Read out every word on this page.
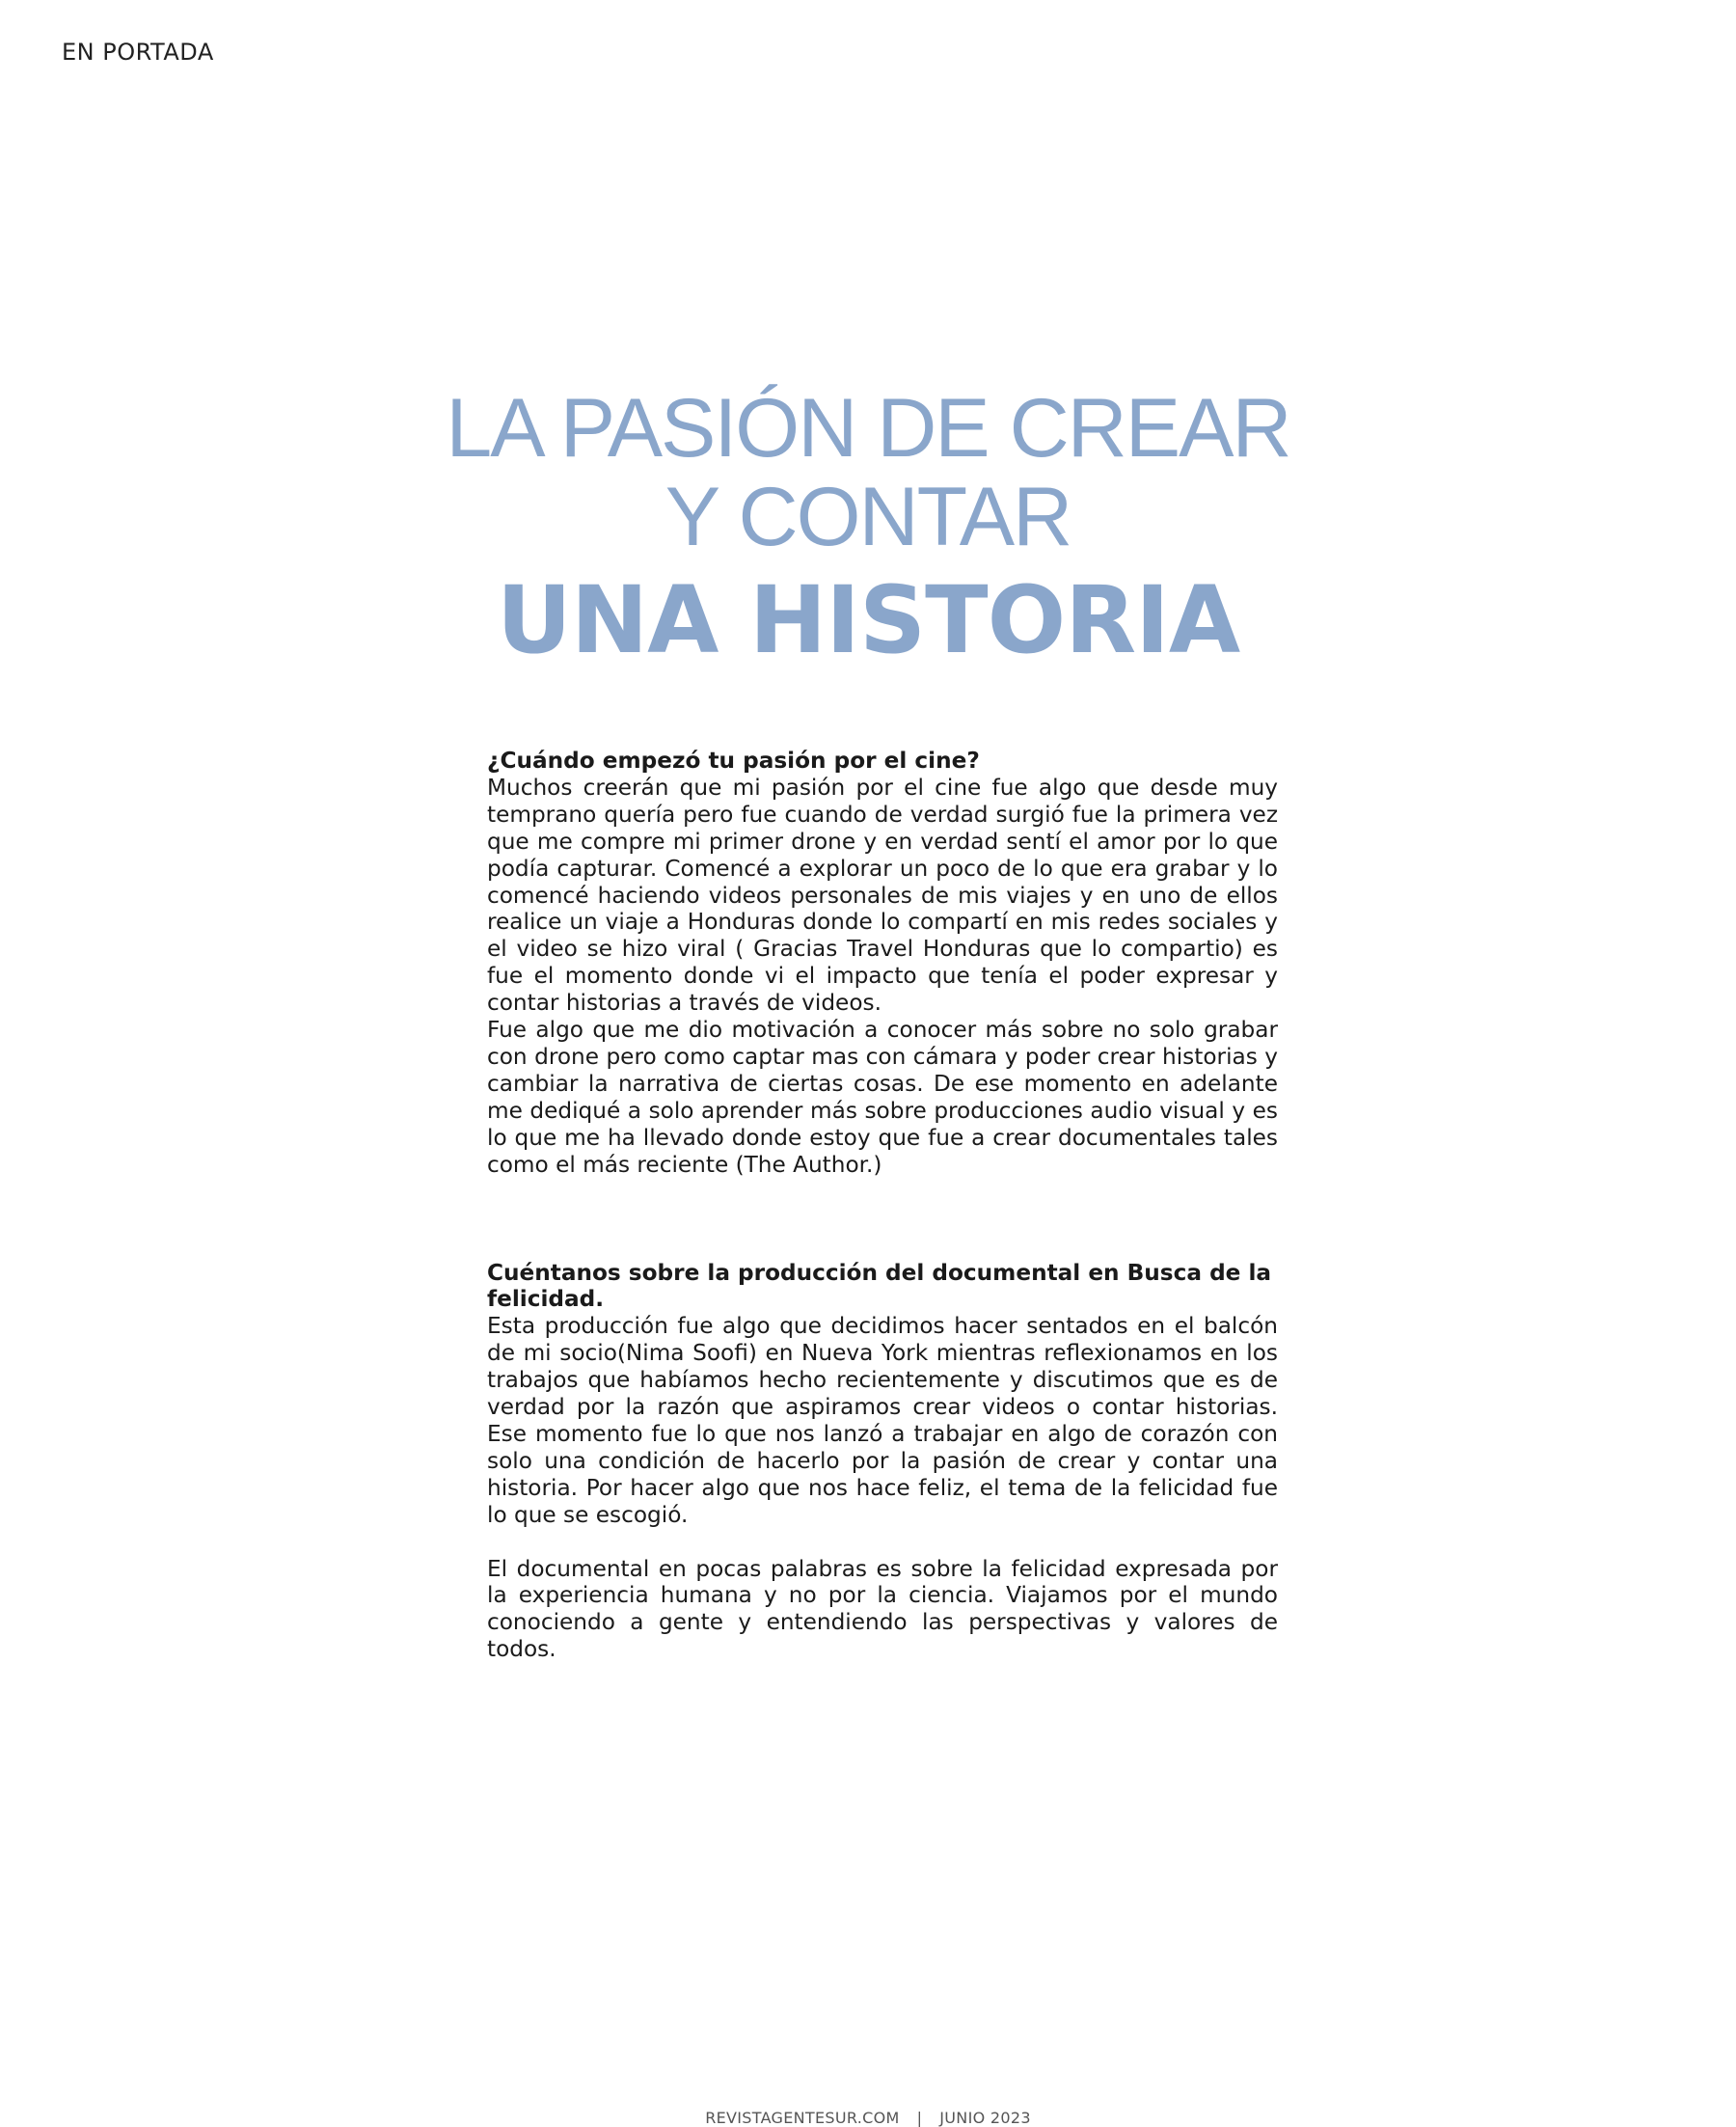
EN PORTADA
LA PASIÓN DE CREAR
Y CONTAR
UNA HISTORIA

¿Cuándo empezó tu pasión por el cine?

Muchos creerán que mi pasión por el cine fue algo que desde muy temprano quería pero fue cuando de verdad surgió fue la primera vez que me compre mi primer drone y en verdad sentí el amor por lo que podía capturar. Comencé a explorar un poco de lo que era grabar y lo comencé haciendo videos personales de mis viajes y en uno de ellos realice un viaje a Honduras donde lo compartí en mis redes sociales y el video se hizo viral ( Gracias Travel Honduras que lo compartio) es fue el momento donde vi el impacto que tenía el poder expresar y contar historias a través de videos.

Fue algo que me dio motivación a conocer más sobre no solo grabar con drone pero como captar mas con cámara y poder crear historias y cambiar la narrativa de ciertas cosas. De ese momento en adelante me dediqué a solo aprender más sobre producciones audio visual y es lo que me ha llevado donde estoy que fue a crear documentales tales como el más reciente (The Author.)

Cuéntanos sobre la producción del documental en Busca de la felicidad.

Esta producción fue algo que decidimos hacer sentados en el balcón de mi socio(Nima Soofi) en Nueva York mientras reflexionamos en los trabajos que habíamos hecho recientemente y discutimos que es de verdad por la razón que aspiramos crear videos o contar historias. Ese momento fue lo que nos lanzó a trabajar en algo de corazón con solo una condición de hacerlo por la pasión de crear y contar una historia. Por hacer algo que nos hace feliz, el tema de la felicidad fue lo que se escogió.

El documental en pocas palabras es sobre la felicidad expresada por la experiencia humana y no por la ciencia. Viajamos por el mundo conociendo a gente y entendiendo las perspectivas y valores de todos.

REVISTAGENTESUR.COM | JUNIO 2023
